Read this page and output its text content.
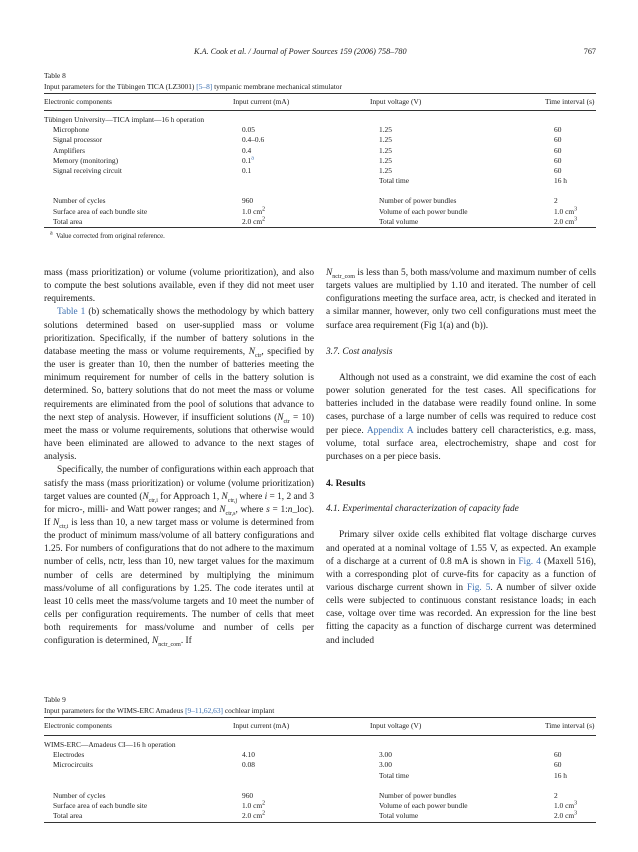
K.A. Cook et al. / Journal of Power Sources 159 (2006) 758–780	767
Table 8
Input parameters for the Tübingen TICA (LZ3001) [5–8] tympanic membrane mechanical stimulator
Electronic components	Input current (mA)	Input voltage (V)	Time interval (s)
Tübingen University—TICA implant—16 h operation			
Microphone	0.05	1.25	60
Signal processor	0.4–0.6	1.25	60
Amplifiers	0.4	1.25	60
Memory (monitoring)	0.1$^a$	1.25	60
Signal receiving circuit	0.1	1.25	60
		Total time	16 h

Number of cycles	960	Number of power bundles	2
Surface area of each bundle site	1.0 $cm^2$	Volume of each power bundle	1.0 $cm^3$
Total area	2.0 $cm^2$	Total volume	2.0 $cm^3$
$^a$ Value corrected from original reference.

mass (mass prioritization) or volume (volume prioritization), and also to compute the best solutions available, even if they did not meet user requirements.

Table 1 (b) schematically shows the methodology by which battery solutions determined based on user-supplied mass or volume prioritization. Specifically, if the number of battery solutions in the database meeting the mass or volume requirements, $N_{ctr}$, specified by the user is greater than 10, then the number of batteries meeting the minimum requirement for number of cells in the battery solution is determined. So, battery solutions that do not meet the mass or volume requirements are eliminated from the pool of solutions that advance to the next step of analysis. However, if insufficient solutions $(N_{ctr} = 10)$ meet the mass or volume requirements, solutions that otherwise would have been eliminated are allowed to advance to the next stages of analysis.

Specifically, the number of configurations within each approach that satisfy the mass (mass prioritization) or volume (volume prioritization) target values are counted ($N_{ctr,i}$ for Approach 1, $N_{ctr,j}$ where i = 1, 2 and 3 for micro-, milli- and Watt power ranges; and $N_{ctr,s}$, where s = 1:n_loc). If $N_{ctr,i}$ is less than 10, a new target mass or volume is determined from the product of minimum mass/volume of all battery configurations and 1.25. For numbers of configurations that do not adhere to the maximum number of cells, nctr, less than 10, new target values for the maximum number of cells are determined by multiplying the minimum mass/volume of all configurations by 1.25. The code iterates until at least 10 cells meet the mass/volume targets and 10 meet the number of cells per configuration requirements. The number of cells that meet both requirements for mass/volume and number of cells per configuration is determined, $N_{nctr\_com}$. If

$N_{nctr\_com}$ is less than 5, both mass/volume and maximum number of cells targets values are multiplied by 1.10 and iterated. The number of cell configurations meeting the surface area, actr, is checked and iterated in a similar manner, however, only two cell configurations must meet the surface area requirement (Fig 1(a) and (b)).

3.7. Cost analysis

Although not used as a constraint, we did examine the cost of each power solution generated for the test cases. All specifications for batteries included in the database were readily found online. In some cases, purchase of a large number of cells was required to reduce cost per piece. Appendix A includes battery cell characteristics, e.g. mass, volume, total surface area, electrochemistry, shape and cost for purchases on a per piece basis.

4. Results

4.1. Experimental characterization of capacity fade

Primary silver oxide cells exhibited flat voltage discharge curves and operated at a nominal voltage of 1.55 V, as expected. An example of a discharge at a current of 0.8 mA is shown in Fig. 4 (Maxell 516), with a corresponding plot of curve-fits for capacity as a function of various discharge current shown in Fig. 5. A number of silver oxide cells were subjected to continuous constant resistance loads; in each case, voltage over time was recorded. An expression for the line best fitting the capacity as a function of discharge current was determined and included

Table 9
Input parameters for the WIMS-ERC Amadeus [9–11,62,63] cochlear implant
Electronic components	Input current (mA)	Input voltage (V)	Time interval (s)
WIMS-ERC—Amadeus CI—16 h operation			
Electrodes	4.10	3.00	60
Microcircuits	0.08	3.00	60
		Total time	16 h

Number of cycles	960	Number of power bundles	2
Surface area of each bundle site	1.0 $cm^2$	Volume of each power bundle	1.0 $cm^3$
Total area	2.0 $cm^2$	Total volume	2.0 $cm^3$
